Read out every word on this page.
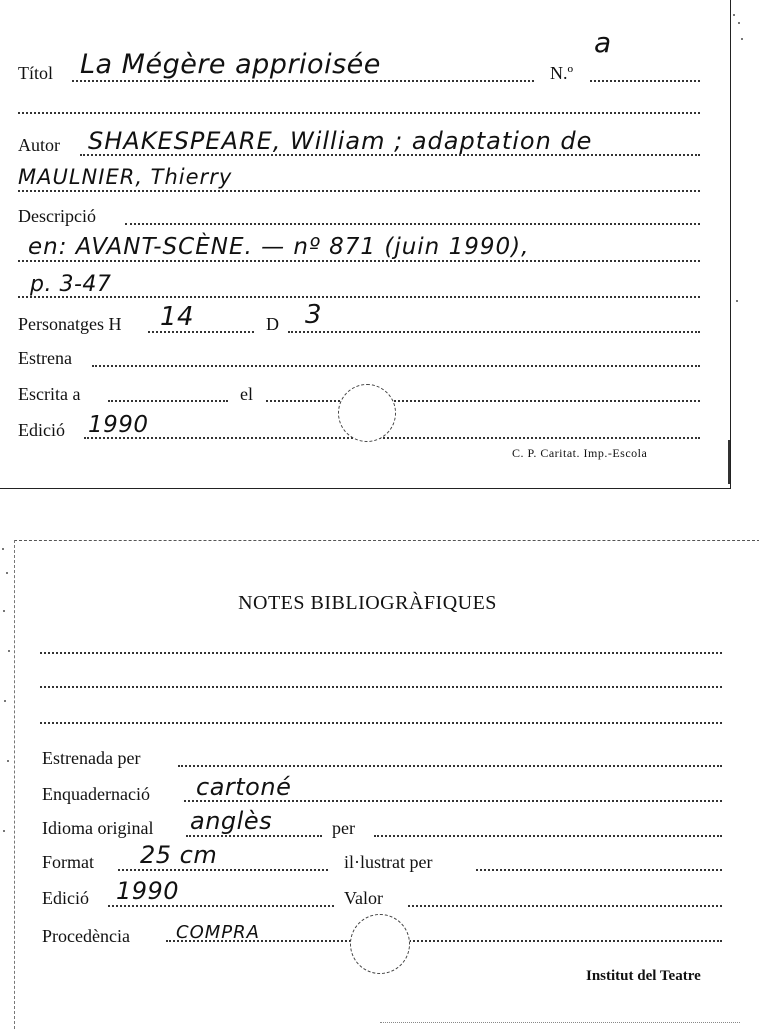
Títol La Mégère apprioisée	N.º
a
Autor SHAKESPEARE, William ; adaptation de
MAULNIER, Thierry
Descripció
en: AVANT-SCÈNE. — nº 871 (juin 1990),
p. 3-47
Personatges H 14	D 3
Estrena
Escrita a	el
Edició 1990
C. P. Caritat. Imp.-Escola
NOTES BIBLIOGRÀFIQUES
Estrenada per
Enquadernació cartoné
Idioma original anglès	per
Format 25 cm	il·lustrat per
Edició 1990	Valor
Procedència	COMPRA
Institut del Teatre
